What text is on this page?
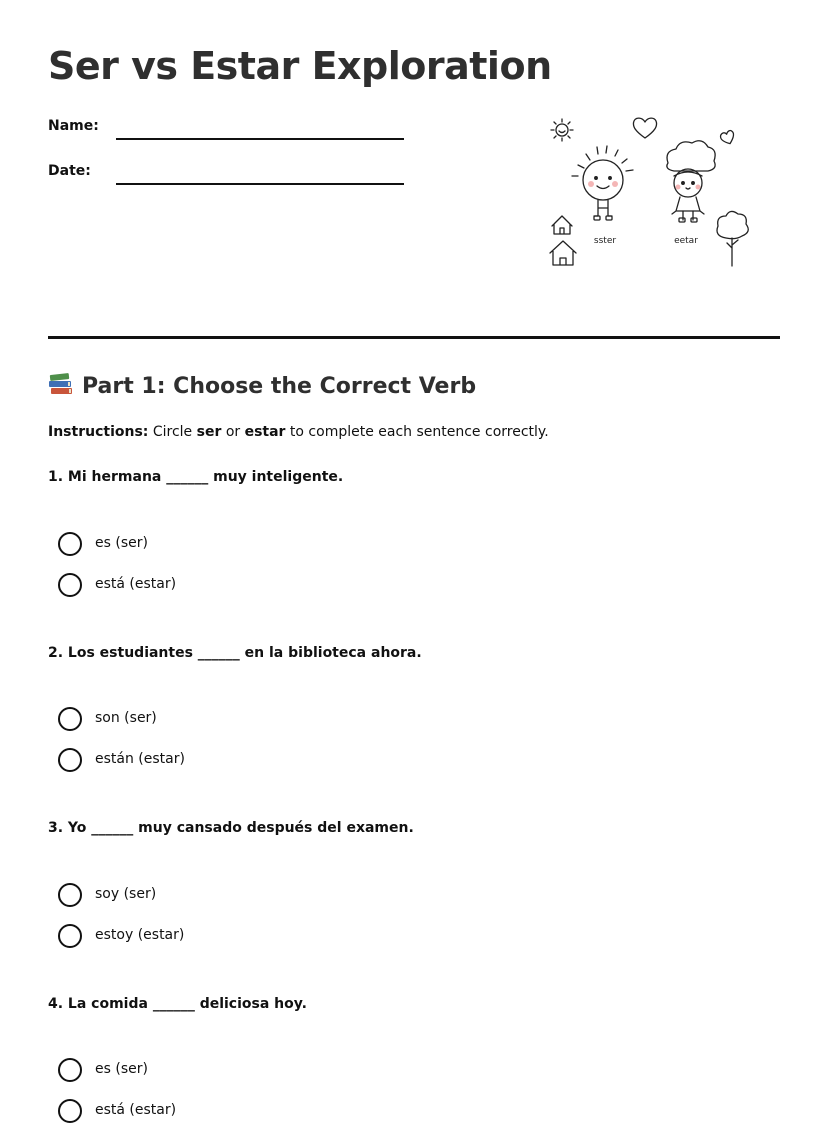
Ser vs Estar Exploration
Name:
Date:
sster	eetar
Part 1: Choose the Correct Verb
Instructions: Circle ser or estar to complete each sentence correctly.
1. Mi hermana ______ muy inteligente.
es (ser)
está (estar)
2. Los estudiantes ______ en la biblioteca ahora.
son (ser)
están (estar)
3. Yo ______ muy cansado después del examen.
soy (ser)
estoy (estar)
4. La comida ______ deliciosa hoy.
es (ser)
está (estar)
